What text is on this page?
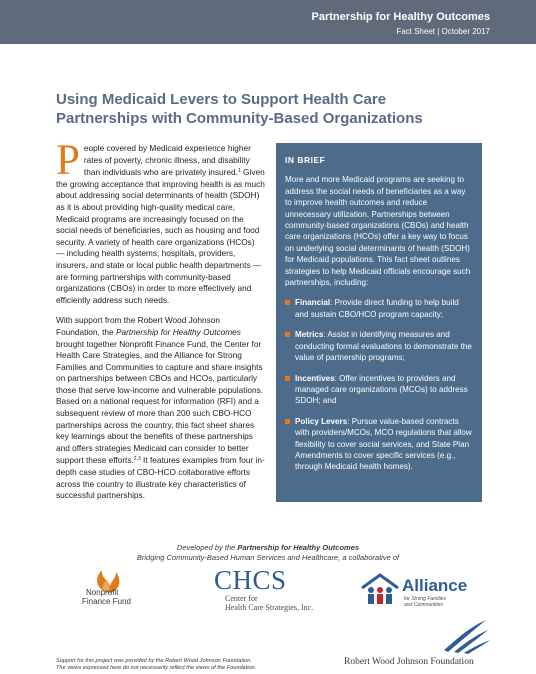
Partnership for Healthy Outcomes
Fact Sheet | October 2017
Using Medicaid Levers to Support Health Care
Partnerships with Community-Based Organizations

People covered by Medicaid experience higher rates of poverty, chronic illness, and disability than individuals who are privately insured.$^1$ Given the growing acceptance that improving health is as much about addressing social determinants of health (SDOH) as it is about providing high-quality medical care, Medicaid programs are increasingly focused on the social needs of beneficiaries, such as housing and food security. A variety of health care organizations (HCOs) — including health systems, hospitals, providers, insurers, and state or local public health departments — are forming partnerships with community-based organizations (CBOs) in order to more effectively and efficiently address such needs.

With support from the Robert Wood Johnson Foundation, the Partnership for Healthy Outcomes brought together Nonprofit Finance Fund, the Center for Health Care Strategies, and the Alliance for Strong Families and Communities to capture and share insights on partnerships between CBOs and HCOs, particularly those that serve low-income and vulnerable populations. Based on a national request for information (RFI) and a subsequent review of more than 200 such CBO-HCO partnerships across the country, this fact sheet shares key learnings about the benefits of these partnerships and offers strategies Medicaid can consider to better support these efforts.$^{2,3}$ It features examples from four in-depth case studies of CBO-HCO collaborative efforts across the country to illustrate key characteristics of successful partnerships.

IN BRIEF
More and more Medicaid programs are seeking to address the social needs of beneficiaries as a way to improve health outcomes and reduce unnecessary utilization. Partnerships between community-based organizations (CBOs) and health care organizations (HCOs) offer a key way to focus on underlying social determinants of health (SDOH) for Medicaid populations. This fact sheet outlines strategies to help Medicaid officials encourage such partnerships, including:
Financial: Provide direct funding to help build and sustain CBO/HCO program capacity;
Metrics: Assist in identifying measures and conducting formal evaluations to demonstrate the value of partnership programs;
Incentives: Offer incentives to providers and managed care organizations (MCOs) to address SDOH; and
Policy Levers: Pursue value-based contracts with providers/MCOs, MCO regulations that allow flexibility to cover social services, and State Plan Amendments to cover specific services (e.g., through Medicaid health homes).
Developed by the Partnership for Healthy Outcomes
Bridging Community-Based Human Services and Healthcare, a collaborative of
Nonprofit
Finance Fund
CHCS
Center for
Health Care Strategies, Inc.
Alliance
for Strong Families
and Communities
Robert Wood Johnson Foundation
Support for this project was provided by the Robert Wood Johnson Foundation.
The views expressed here do not necessarily reflect the views of the Foundation.
